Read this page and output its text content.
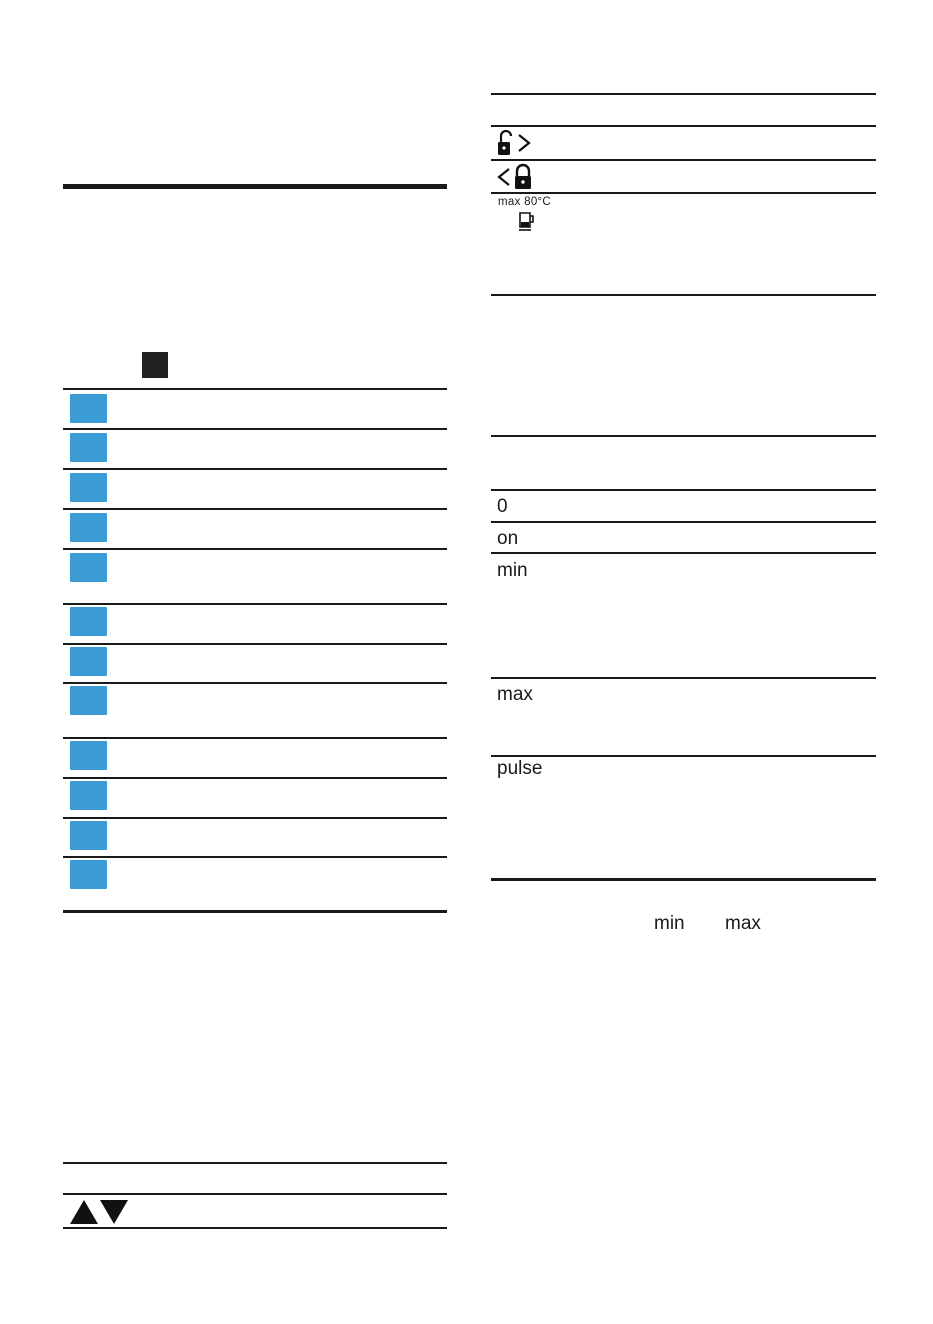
max 80°C
0
on
min
max
pulse
min max
